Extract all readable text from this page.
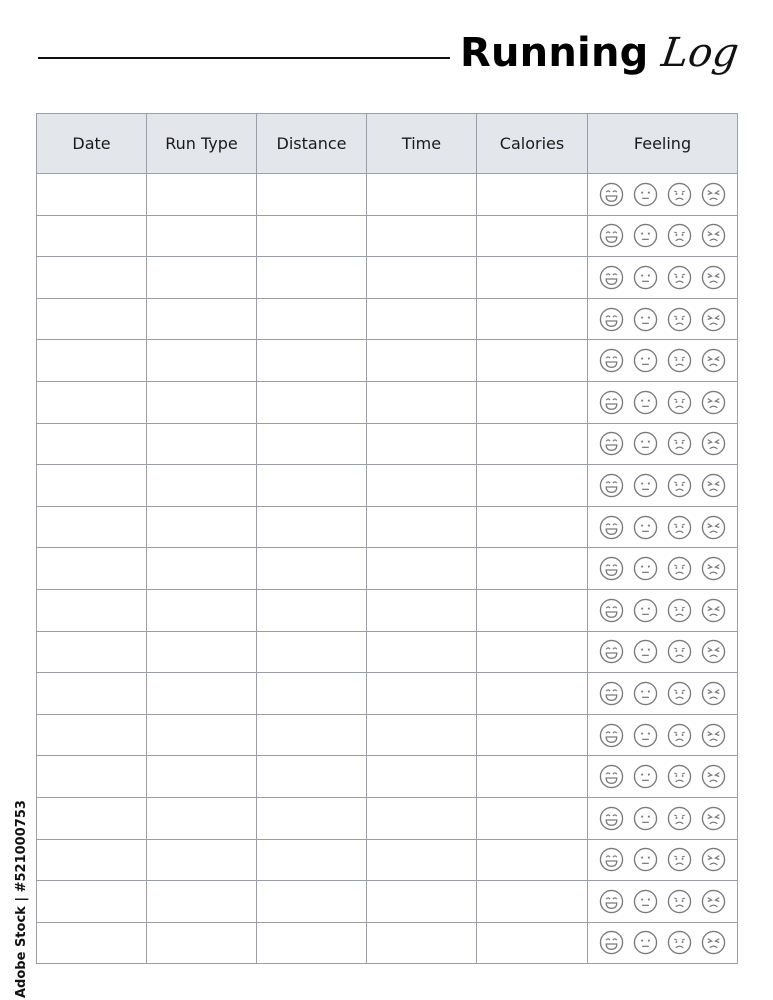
Running Log
Date	Run Type	Distance	Time	Calories	Feeling

Adobe Stock | #521000753
